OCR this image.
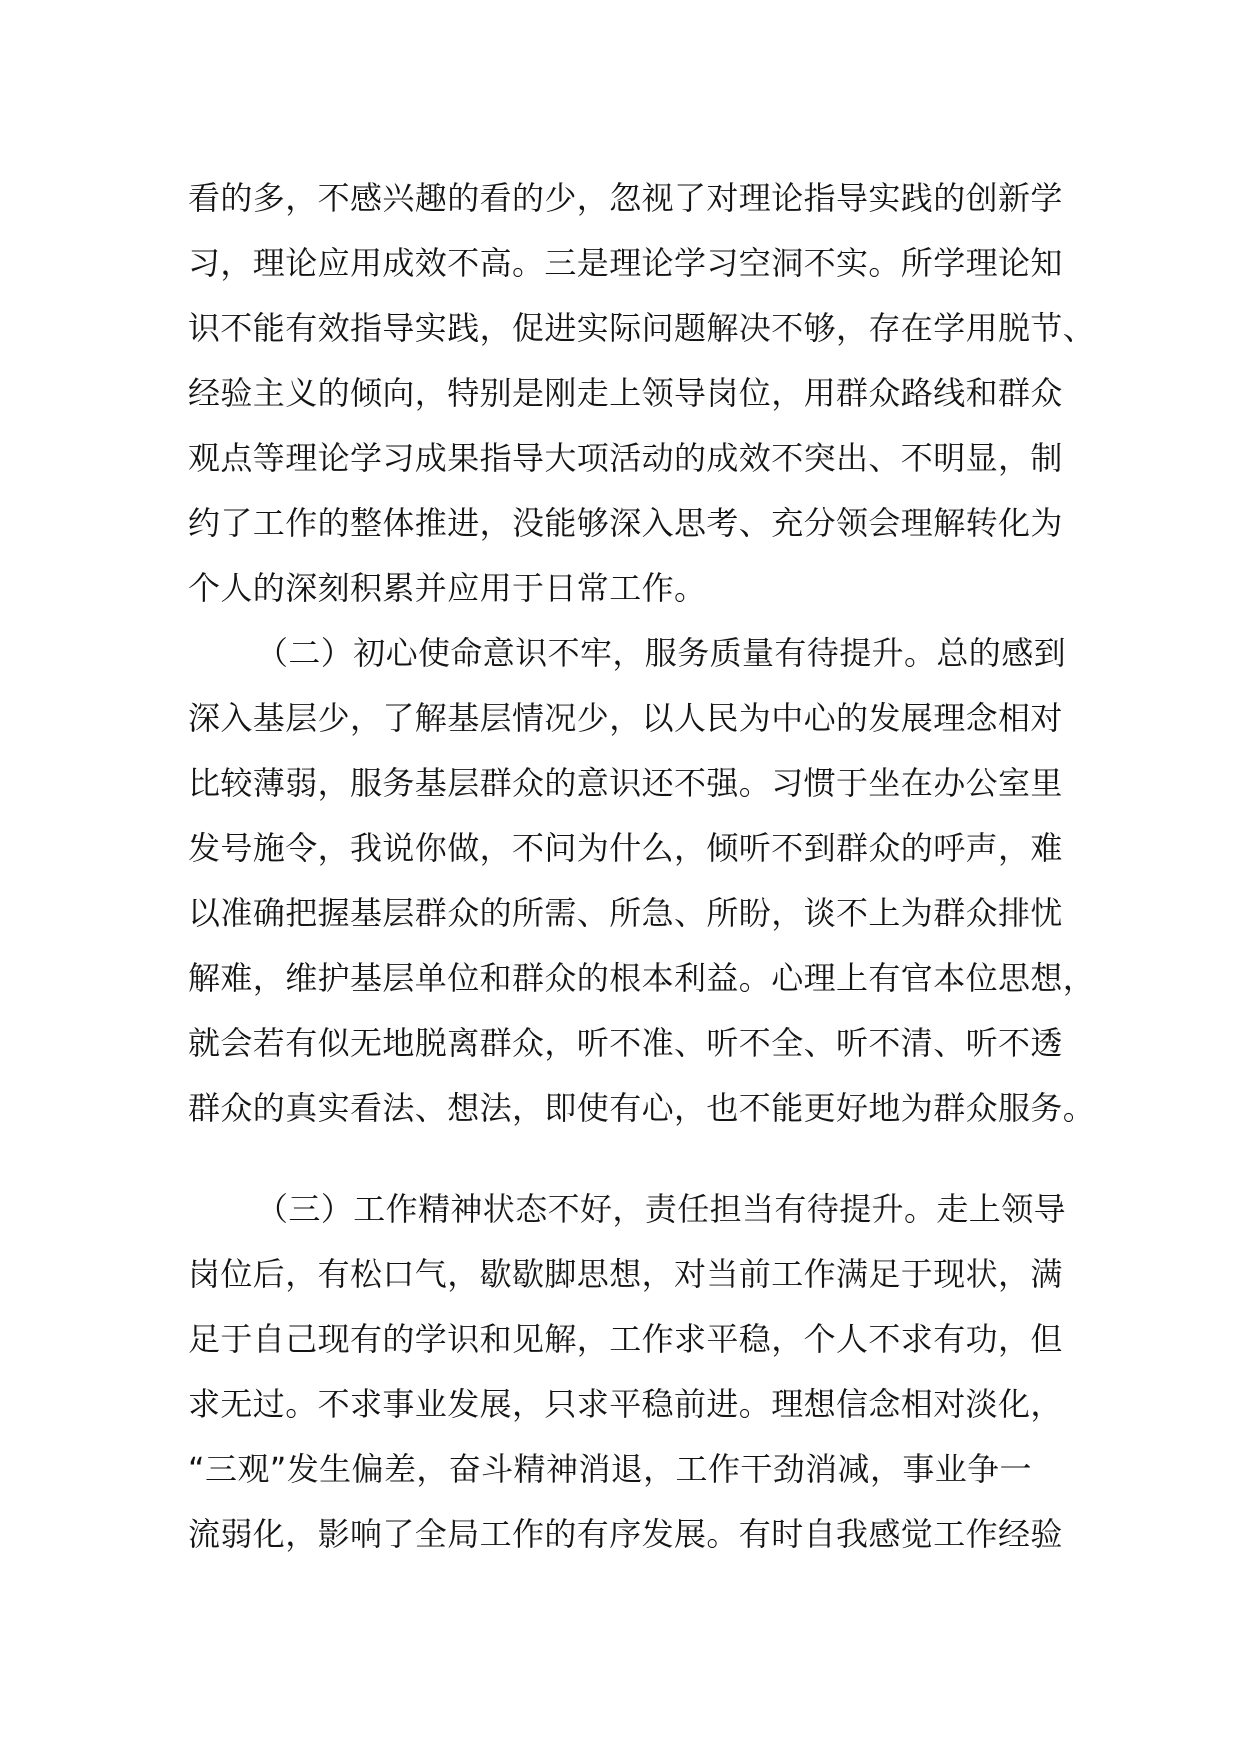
看的多，不感兴趣的看的少，忽视了对理论指导实践的创新学
习，理论应用成效不高。三是理论学习空洞不实。所学理论知
识不能有效指导实践，促进实际问题解决不够，存在学用脱节、
经验主义的倾向，特别是刚走上领导岗位，用群众路线和群众
观点等理论学习成果指导大项活动的成效不突出、不明显，制
约了工作的整体推进，没能够深入思考、充分领会理解转化为
个人的深刻积累并应用于日常工作。
（二）初心使命意识不牢，服务质量有待提升。总的感到
深入基层少，了解基层情况少，以人民为中心的发展理念相对
比较薄弱，服务基层群众的意识还不强。习惯于坐在办公室里
发号施令，我说你做，不问为什么，倾听不到群众的呼声，难
以准确把握基层群众的所需、所急、所盼，谈不上为群众排忧
解难，维护基层单位和群众的根本利益。心理上有官本位思想，
就会若有似无地脱离群众，听不准、听不全、听不清、听不透
群众的真实看法、想法，即使有心，也不能更好地为群众服务。
（三）工作精神状态不好，责任担当有待提升。走上领导
岗位后，有松口气，歇歇脚思想，对当前工作满足于现状，满
足于自己现有的学识和见解，工作求平稳，个人不求有功，但
求无过。不求事业发展，只求平稳前进。理想信念相对淡化，
“三观”发生偏差，奋斗精神消退，工作干劲消减，事业争一
流弱化，影响了全局工作的有序发展。有时自我感觉工作经验
